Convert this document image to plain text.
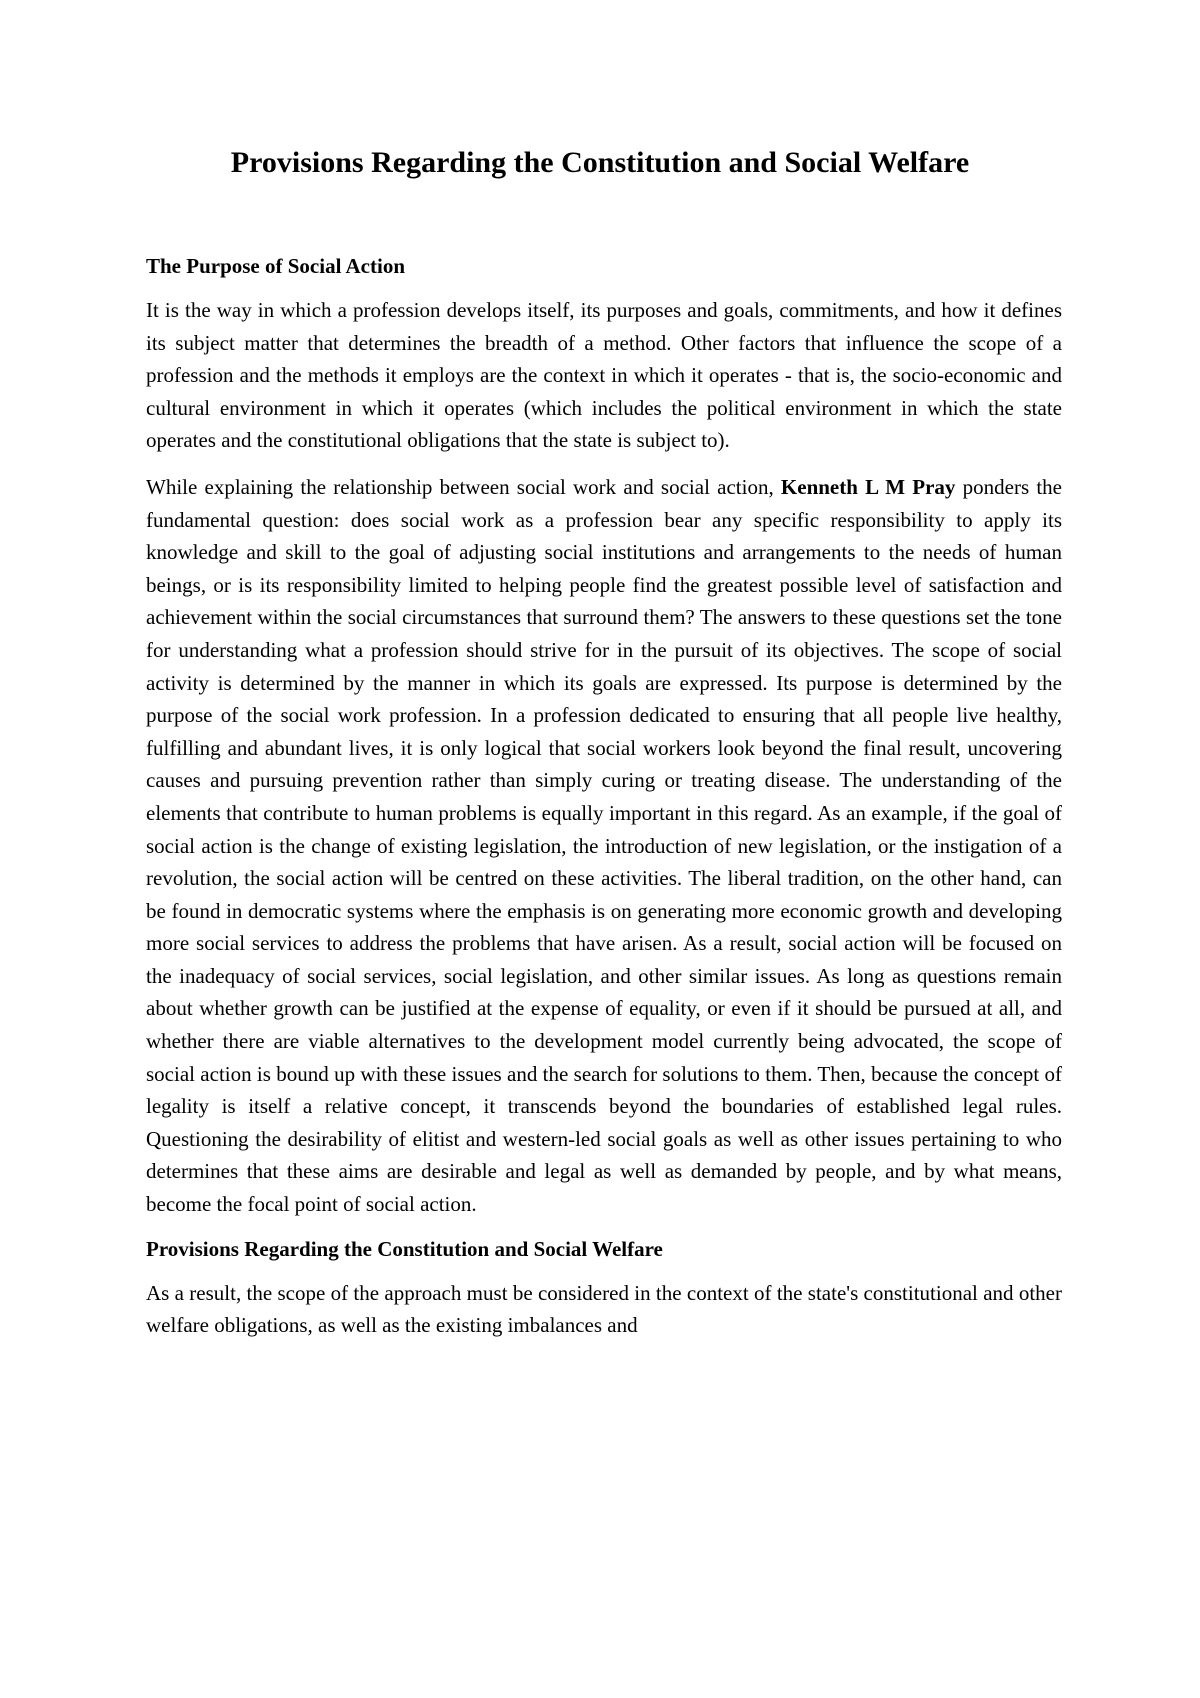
Provisions Regarding the Constitution and Social Welfare
The Purpose of Social Action

It is the way in which a profession develops itself, its purposes and goals, commitments, and how it defines its subject matter that determines the breadth of a method. Other factors that influence the scope of a profession and the methods it employs are the context in which it operates - that is, the socio-economic and cultural environment in which it operates (which includes the political environment in which the state operates and the constitutional obligations that the state is subject to).

While explaining the relationship between social work and social action, Kenneth L M Pray ponders the fundamental question: does social work as a profession bear any specific responsibility to apply its knowledge and skill to the goal of adjusting social institutions and arrangements to the needs of human beings, or is its responsibility limited to helping people find the greatest possible level of satisfaction and achievement within the social circumstances that surround them? The answers to these questions set the tone for understanding what a profession should strive for in the pursuit of its objectives. The scope of social activity is determined by the manner in which its goals are expressed. Its purpose is determined by the purpose of the social work profession. In a profession dedicated to ensuring that all people live healthy, fulfilling and abundant lives, it is only logical that social workers look beyond the final result, uncovering causes and pursuing prevention rather than simply curing or treating disease. The understanding of the elements that contribute to human problems is equally important in this regard. As an example, if the goal of social action is the change of existing legislation, the introduction of new legislation, or the instigation of a revolution, the social action will be centred on these activities. The liberal tradition, on the other hand, can be found in democratic systems where the emphasis is on generating more economic growth and developing more social services to address the problems that have arisen. As a result, social action will be focused on the inadequacy of social services, social legislation, and other similar issues. As long as questions remain about whether growth can be justified at the expense of equality, or even if it should be pursued at all, and whether there are viable alternatives to the development model currently being advocated, the scope of social action is bound up with these issues and the search for solutions to them. Then, because the concept of legality is itself a relative concept, it transcends beyond the boundaries of established legal rules. Questioning the desirability of elitist and western-led social goals as well as other issues pertaining to who determines that these aims are desirable and legal as well as demanded by people, and by what means, become the focal point of social action.

Provisions Regarding the Constitution and Social Welfare

As a result, the scope of the approach must be considered in the context of the state's constitutional and other welfare obligations, as well as the existing imbalances and
